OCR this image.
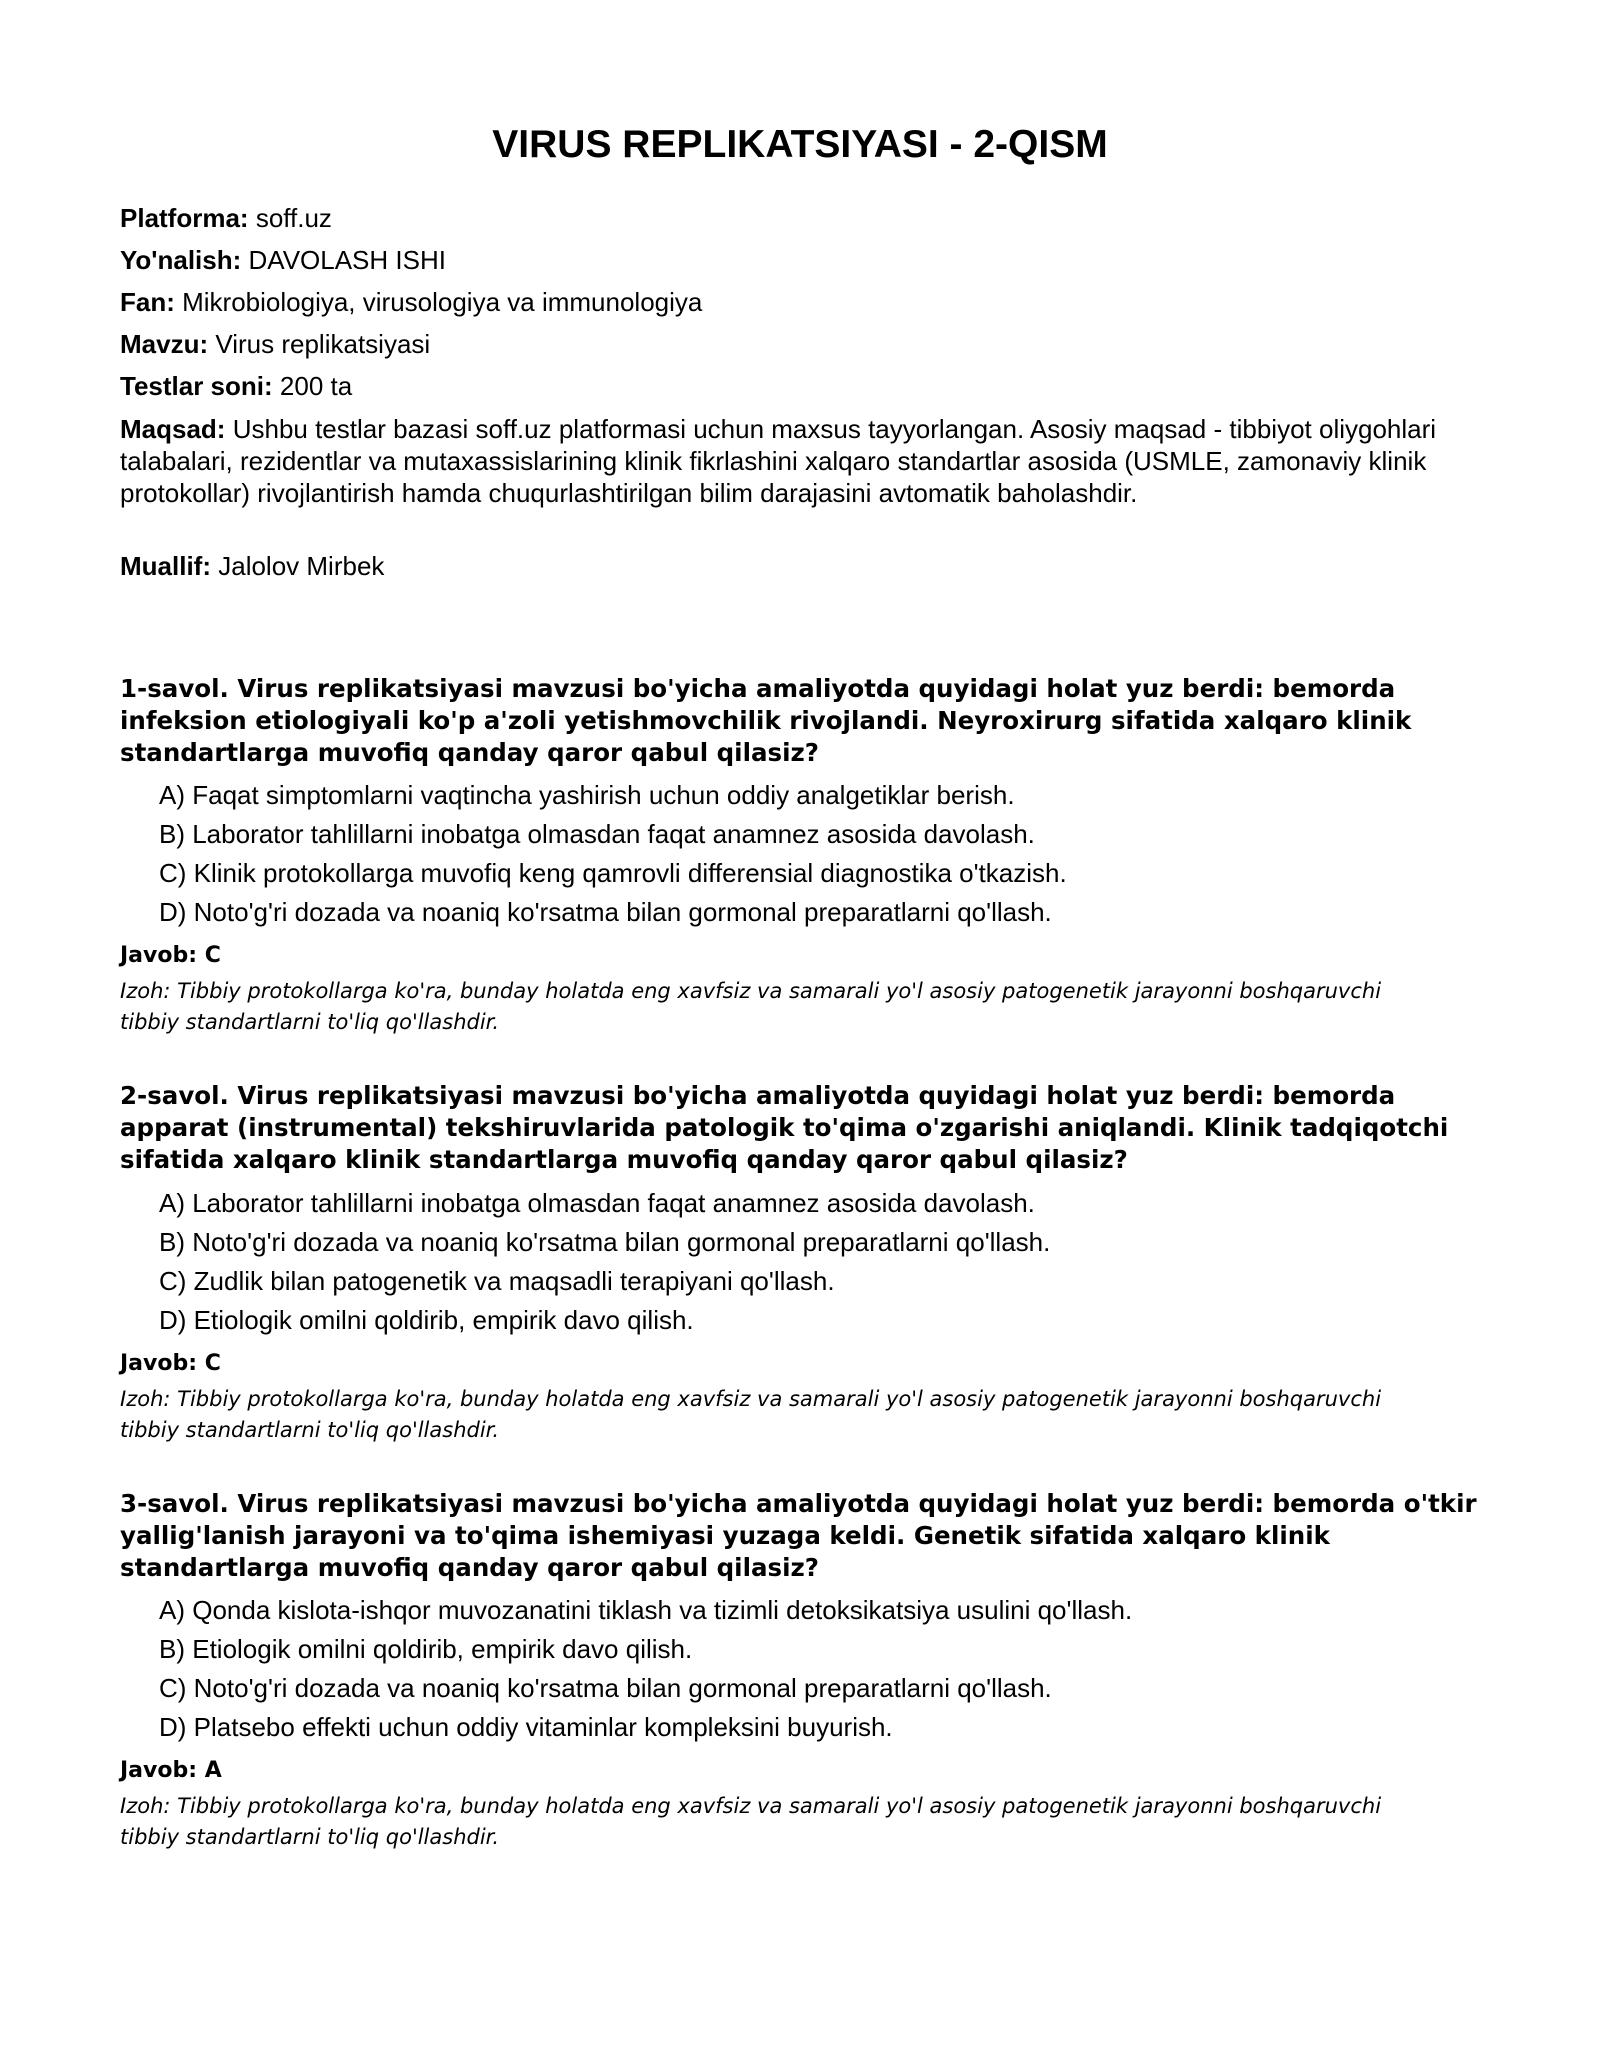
VIRUS REPLIKATSIYASI - 2-QISM
Platforma: soff.uz
Yo'nalish: DAVOLASH ISHI
Fan: Mikrobiologiya, virusologiya va immunologiya
Mavzu: Virus replikatsiyasi
Testlar soni: 200 ta
Maqsad: Ushbu testlar bazasi soff.uz platformasi uchun maxsus tayyorlangan. Asosiy maqsad - tibbiyot oliygohlari talabalari, rezidentlar va mutaxassislarining klinik fikrlashini xalqaro standartlar asosida (USMLE, zamonaviy klinik protokollar) rivojlantirish hamda chuqurlashtirilgan bilim darajasini avtomatik baholashdir.
Muallif: Jalolov Mirbek
1-savol. Virus replikatsiyasi mavzusi bo'yicha amaliyotda quyidagi holat yuz berdi: bemorda infeksion etiologiyali ko'p a'zoli yetishmovchilik rivojlandi. Neyroxirurg sifatida xalqaro klinik standartlarga muvofiq qanday qaror qabul qilasiz?
A) Faqat simptomlarni vaqtincha yashirish uchun oddiy analgetiklar berish.
B) Laborator tahlillarni inobatga olmasdan faqat anamnez asosida davolash.
C) Klinik protokollarga muvofiq keng qamrovli differensial diagnostika o'tkazish.
D) Noto'g'ri dozada va noaniq ko'rsatma bilan gormonal preparatlarni qo'llash.
Javob: C
Izoh: Tibbiy protokollarga ko'ra, bunday holatda eng xavfsiz va samarali yo'l asosiy patogenetik jarayonni boshqaruvchi tibbiy standartlarni to'liq qo'llashdir.
2-savol. Virus replikatsiyasi mavzusi bo'yicha amaliyotda quyidagi holat yuz berdi: bemorda apparat (instrumental) tekshiruvlarida patologik to'qima o'zgarishi aniqlandi. Klinik tadqiqotchi sifatida xalqaro klinik standartlarga muvofiq qanday qaror qabul qilasiz?
A) Laborator tahlillarni inobatga olmasdan faqat anamnez asosida davolash.
B) Noto'g'ri dozada va noaniq ko'rsatma bilan gormonal preparatlarni qo'llash.
C) Zudlik bilan patogenetik va maqsadli terapiyani qo'llash.
D) Etiologik omilni qoldirib, empirik davo qilish.
Javob: C
Izoh: Tibbiy protokollarga ko'ra, bunday holatda eng xavfsiz va samarali yo'l asosiy patogenetik jarayonni boshqaruvchi tibbiy standartlarni to'liq qo'llashdir.
3-savol. Virus replikatsiyasi mavzusi bo'yicha amaliyotda quyidagi holat yuz berdi: bemorda o'tkir yallig'lanish jarayoni va to'qima ishemiyasi yuzaga keldi. Genetik sifatida xalqaro klinik standartlarga muvofiq qanday qaror qabul qilasiz?
A) Qonda kislota-ishqor muvozanatini tiklash va tizimli detoksikatsiya usulini qo'llash.
B) Etiologik omilni qoldirib, empirik davo qilish.
C) Noto'g'ri dozada va noaniq ko'rsatma bilan gormonal preparatlarni qo'llash.
D) Platsebo effekti uchun oddiy vitaminlar kompleksini buyurish.
Javob: A
Izoh: Tibbiy protokollarga ko'ra, bunday holatda eng xavfsiz va samarali yo'l asosiy patogenetik jarayonni boshqaruvchi tibbiy standartlarni to'liq qo'llashdir.
